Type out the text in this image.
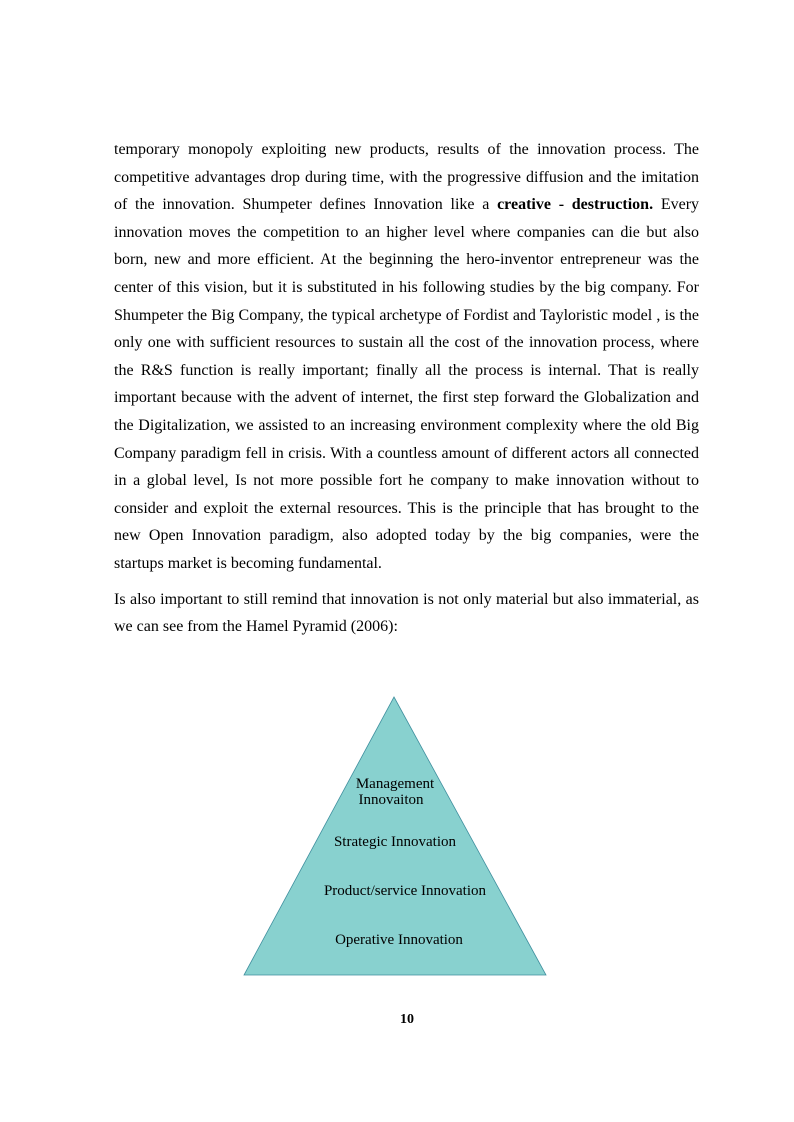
temporary monopoly exploiting new products, results of the innovation process. The competitive advantages drop during time, with the progressive diffusion and the imitation of the innovation. Shumpeter defines Innovation like a creative - destruction. Every innovation moves the competition to an higher level where companies can die but also born, new and more efficient. At the beginning the hero-inventor entrepreneur was the center of this vision, but it is substituted in his following studies by the big company. For Shumpeter the Big Company, the typical archetype of Fordist and Tayloristic model , is the only one with sufficient resources to sustain all the cost of the innovation process, where the R&S function is really important; finally all the process is internal. That is really important because with the advent of internet, the first step forward the Globalization and the Digitalization, we assisted to an increasing environment complexity where the old Big Company paradigm fell in crisis. With a countless amount of different actors all connected in a global level, Is not more possible fort he company to make innovation without to consider and exploit the external resources. This is the principle that has brought to the new Open Innovation paradigm, also adopted today by the big companies, were the startups market is becoming fundamental.

Is also important to still remind that innovation is not only material but also immaterial, as we can see from the Hamel Pyramid (2006):

Management
Innovaiton
Strategic Innovation
Product/service Innovation
Operative Innovation
10
